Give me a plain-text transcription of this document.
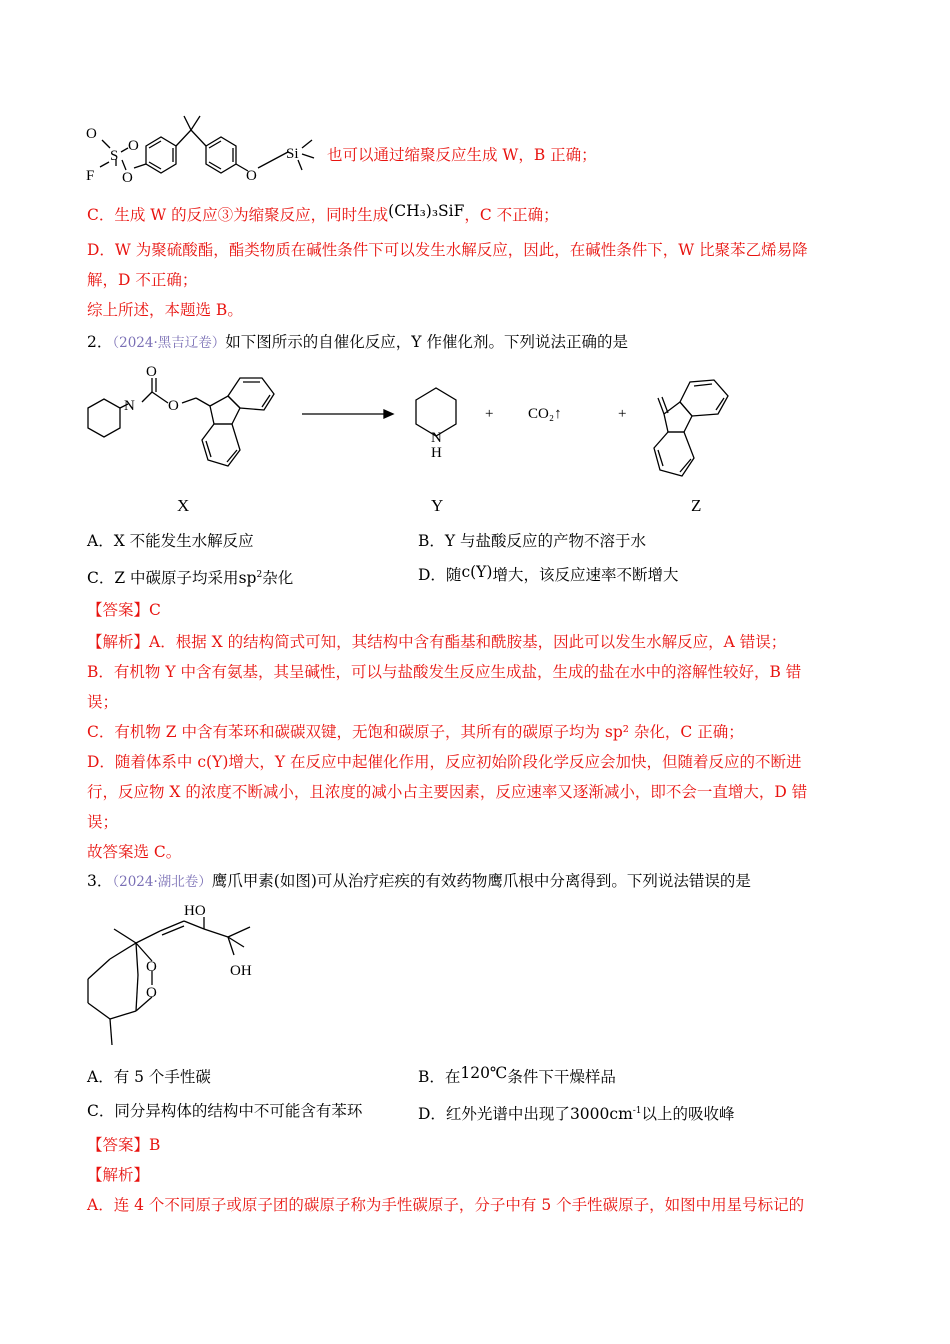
O
S
F
O
O	O
Si 也可以通过缩聚反应生成 W，B 正确；
C．生成 W 的反应③为缩聚反应，同时生成(CH₃)₃SiF，C 不正确；
D．W 为聚硫酸酯，酯类物质在碱性条件下可以发生水解反应，因此，在碱性条件下，W 比聚苯乙烯易降
解，D 不正确；
综上所述，本题选 B。
2．（2024·黑吉辽卷）如下图所示的自催化反应，Y 作催化剂。下列说法正确的是
O
N O
N
H
+ CO₂↑	+
X	Y	Z
A．X 不能发生水解反应	B．Y 与盐酸反应的产物不溶于水
C．Z 中碳原子均采用$sp^2$杂化	D．随c(Y)增大，该反应速率不断增大
【答案】C
【解析】A．根据 X 的结构简式可知，其结构中含有酯基和酰胺基，因此可以发生水解反应，A 错误；
B．有机物 Y 中含有氨基，其呈碱性，可以与盐酸发生反应生成盐，生成的盐在水中的溶解性较好，B 错
误；
C．有机物 Z 中含有苯环和碳碳双键，无饱和碳原子，其所有的碳原子均为 sp² 杂化，C 正确；
D．随着体系中 c(Y)增大，Y 在反应中起催化作用，反应初始阶段化学反应会加快，但随着反应的不断进
行，反应物 X 的浓度不断减小，且浓度的减小占主要因素，反应速率又逐渐减小，即不会一直增大，D 错
误；
故答案选 C。
3．（2024·湖北卷）鹰爪甲素(如图)可从治疗疟疾的有效药物鹰爪根中分离得到。下列说法错误的是
HO
OH
O
O
A．有 5 个手性碳	B．在120℃条件下干燥样品
C．同分异构体的结构中不可能含有苯环	D．红外光谱中出现了$3000cm^{-1}$以上的吸收峰
【答案】B
【解析】
A．连 4 个不同原子或原子团的碳原子称为手性碳原子，分子中有 5 个手性碳原子，如图中用星号标记的
